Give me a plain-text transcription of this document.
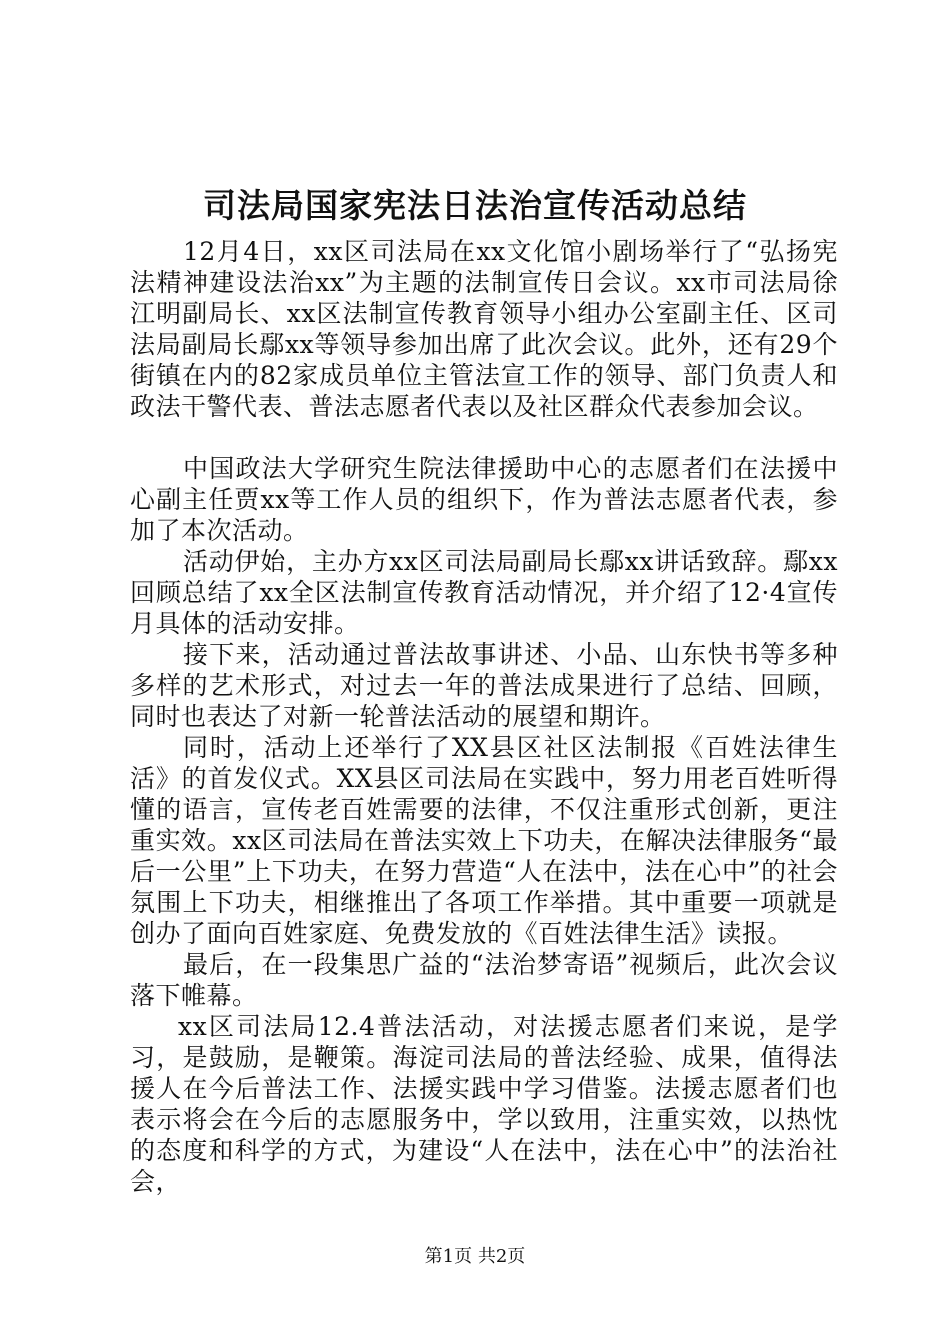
司法局国家宪法日法治宣传活动总结

12月4日，xx区司法局在xx文化馆小剧场举行了“弘扬宪法精神建设法治xx”为主题的法制宣传日会议。xx市司法局徐江明副局长、xx区法制宣传教育领导小组办公室副主任、区司法局副局长鄢xx等领导参加出席了此次会议。此外，还有29个街镇在内的82家成员单位主管法宣工作的领导、部门负责人和政法干警代表、普法志愿者代表以及社区群众代表参加会议。

中国政法大学研究生院法律援助中心的志愿者们在法援中心副主任贾xx等工作人员的组织下，作为普法志愿者代表，参加了本次活动。

活动伊始，主办方xx区司法局副局长鄢xx讲话致辞。鄢xx回顾总结了xx全区法制宣传教育活动情况，并介绍了12·4宣传月具体的活动安排。

接下来，活动通过普法故事讲述、小品、山东快书等多种多样的艺术形式，对过去一年的普法成果进行了总结、回顾，同时也表达了对新一轮普法活动的展望和期许。

同时，活动上还举行了XX县区社区法制报《百姓法律生活》的首发仪式。XX县区司法局在实践中，努力用老百姓听得懂的语言，宣传老百姓需要的法律，不仅注重形式创新，更注重实效。xx区司法局在普法实效上下功夫，在解决法律服务“最后一公里”上下功夫，在努力营造“人在法中，法在心中”的社会氛围上下功夫，相继推出了各项工作举措。其中重要一项就是创办了面向百姓家庭、免费发放的《百姓法律生活》读报。

最后，在一段集思广益的“法治梦寄语”视频后，此次会议落下帷幕。

xx区司法局12.4普法活动，对法援志愿者们来说，是学习，是鼓励，是鞭策。海淀司法局的普法经验、成果，值得法援人在今后普法工作、法援实践中学习借鉴。法援志愿者们也表示将会在今后的志愿服务中，学以致用，注重实效，以热忱的态度和科学的方式，为建设“人在法中，法在心中”的法治社会，

第1页 共2页
